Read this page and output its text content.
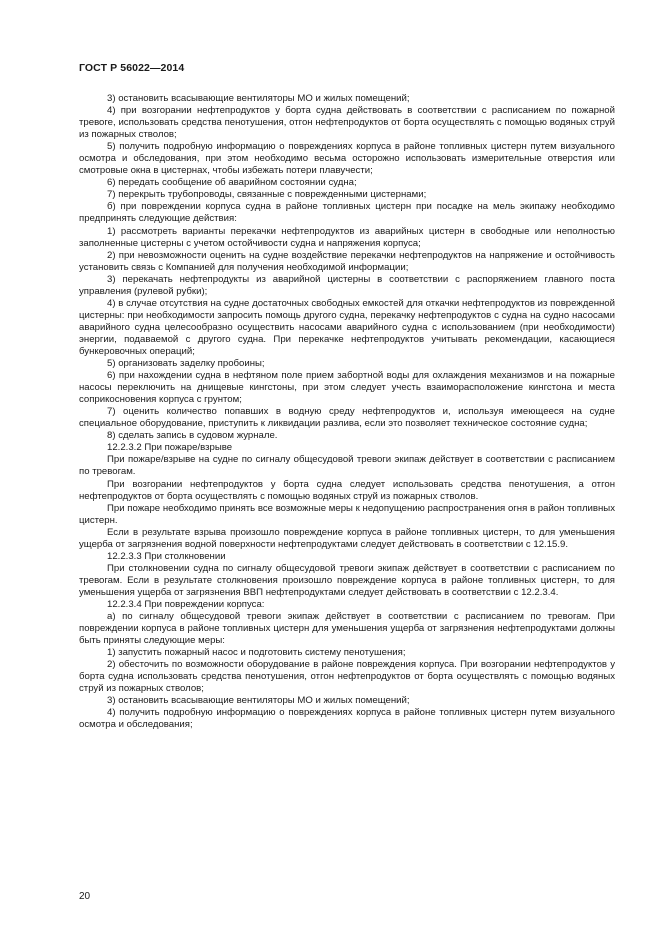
ГОСТ Р 56022—2014

3) остановить всасывающие вентиляторы МО и жилых помещений;

4) при возгорании нефтепродуктов у борта судна действовать в соответствии с расписанием по пожарной тревоге, использовать средства пенотушения, отгон нефтепродуктов от борта осуществлять с помощью водяных струй из пожарных стволов;

5) получить подробную информацию о повреждениях корпуса в районе топливных цистерн путем визуального осмотра и обследования, при этом необходимо весьма осторожно использовать измерительные отверстия или смотровые окна в цистернах, чтобы избежать потери плавучести;

6) передать сообщение об аварийном состоянии судна;

7) перекрыть трубопроводы, связанные с поврежденными цистернами;

б) при повреждении корпуса судна в районе топливных цистерн при посадке на мель экипажу необходимо предпринять следующие действия:

1) рассмотреть варианты перекачки нефтепродуктов из аварийных цистерн в свободные или неполностью заполненные цистерны с учетом остойчивости судна и напряжения корпуса;

2) при невозможности оценить на судне воздействие перекачки нефтепродуктов на напряжение и остойчивость установить связь с Компанией для получения необходимой информации;

3) перекачать нефтепродукты из аварийной цистерны в соответствии с распоряжением главного поста управления (рулевой рубки);

4) в случае отсутствия на судне достаточных свободных емкостей для откачки нефтепродуктов из поврежденной цистерны: при необходимости запросить помощь другого судна, перекачку нефтепродуктов с судна на судно насосами аварийного судна целесообразно осуществить насосами аварийного судна с использованием (при необходимости) энергии, подаваемой с другого судна. При перекачке нефтепродуктов учитывать рекомендации, касающиеся бункеровочных операций;

5) организовать заделку пробоины;

6) при нахождении судна в нефтяном поле прием забортной воды для охлаждения механизмов и на пожарные насосы переключить на днищевые кингстоны, при этом следует учесть взаиморасположение кингстона и места соприкосновения корпуса с грунтом;

7) оценить количество попавших в водную среду нефтепродуктов и, используя имеющееся на судне специальное оборудование, приступить к ликвидации разлива, если это позволяет техническое состояние судна;

8) сделать запись в судовом журнале.

12.2.3.2 При пожаре/взрыве

При пожаре/взрыве на судне по сигналу общесудовой тревоги экипаж действует в соответствии с расписанием по тревогам.

При возгорании нефтепродуктов у борта судна следует использовать средства пенотушения, а отгон нефтепродуктов от борта осуществлять с помощью водяных струй из пожарных стволов.

При пожаре необходимо принять все возможные меры к недопущению распространения огня в район топливных цистерн.

Если в результате взрыва произошло повреждение корпуса в районе топливных цистерн, то для уменьшения ущерба от загрязнения водной поверхности нефтепродуктами следует действовать в соответствии с 12.15.9.

12.2.3.3 При столкновении

При столкновении судна по сигналу общесудовой тревоги экипаж действует в соответствии с расписанием по тревогам. Если в результате столкновения произошло повреждение корпуса в районе топливных цистерн, то для уменьшения ущерба от загрязнения ВВП нефтепродуктами следует действовать в соответствии с 12.2.3.4.

12.2.3.4 При повреждении корпуса:

а) по сигналу общесудовой тревоги экипаж действует в соответствии с расписанием по тревогам. При повреждении корпуса в районе топливных цистерн для уменьшения ущерба от загрязнения нефтепродуктами должны быть приняты следующие меры:

1) запустить пожарный насос и подготовить систему пенотушения;

2) обесточить по возможности оборудование в районе повреждения корпуса. При возгорании нефтепродуктов у борта судна использовать средства пенотушения, отгон нефтепродуктов от борта осуществлять с помощью водяных струй из пожарных стволов;

3) остановить всасывающие вентиляторы МО и жилых помещений;

4) получить подробную информацию о повреждениях корпуса в районе топливных цистерн путем визуального осмотра и обследования;

20
